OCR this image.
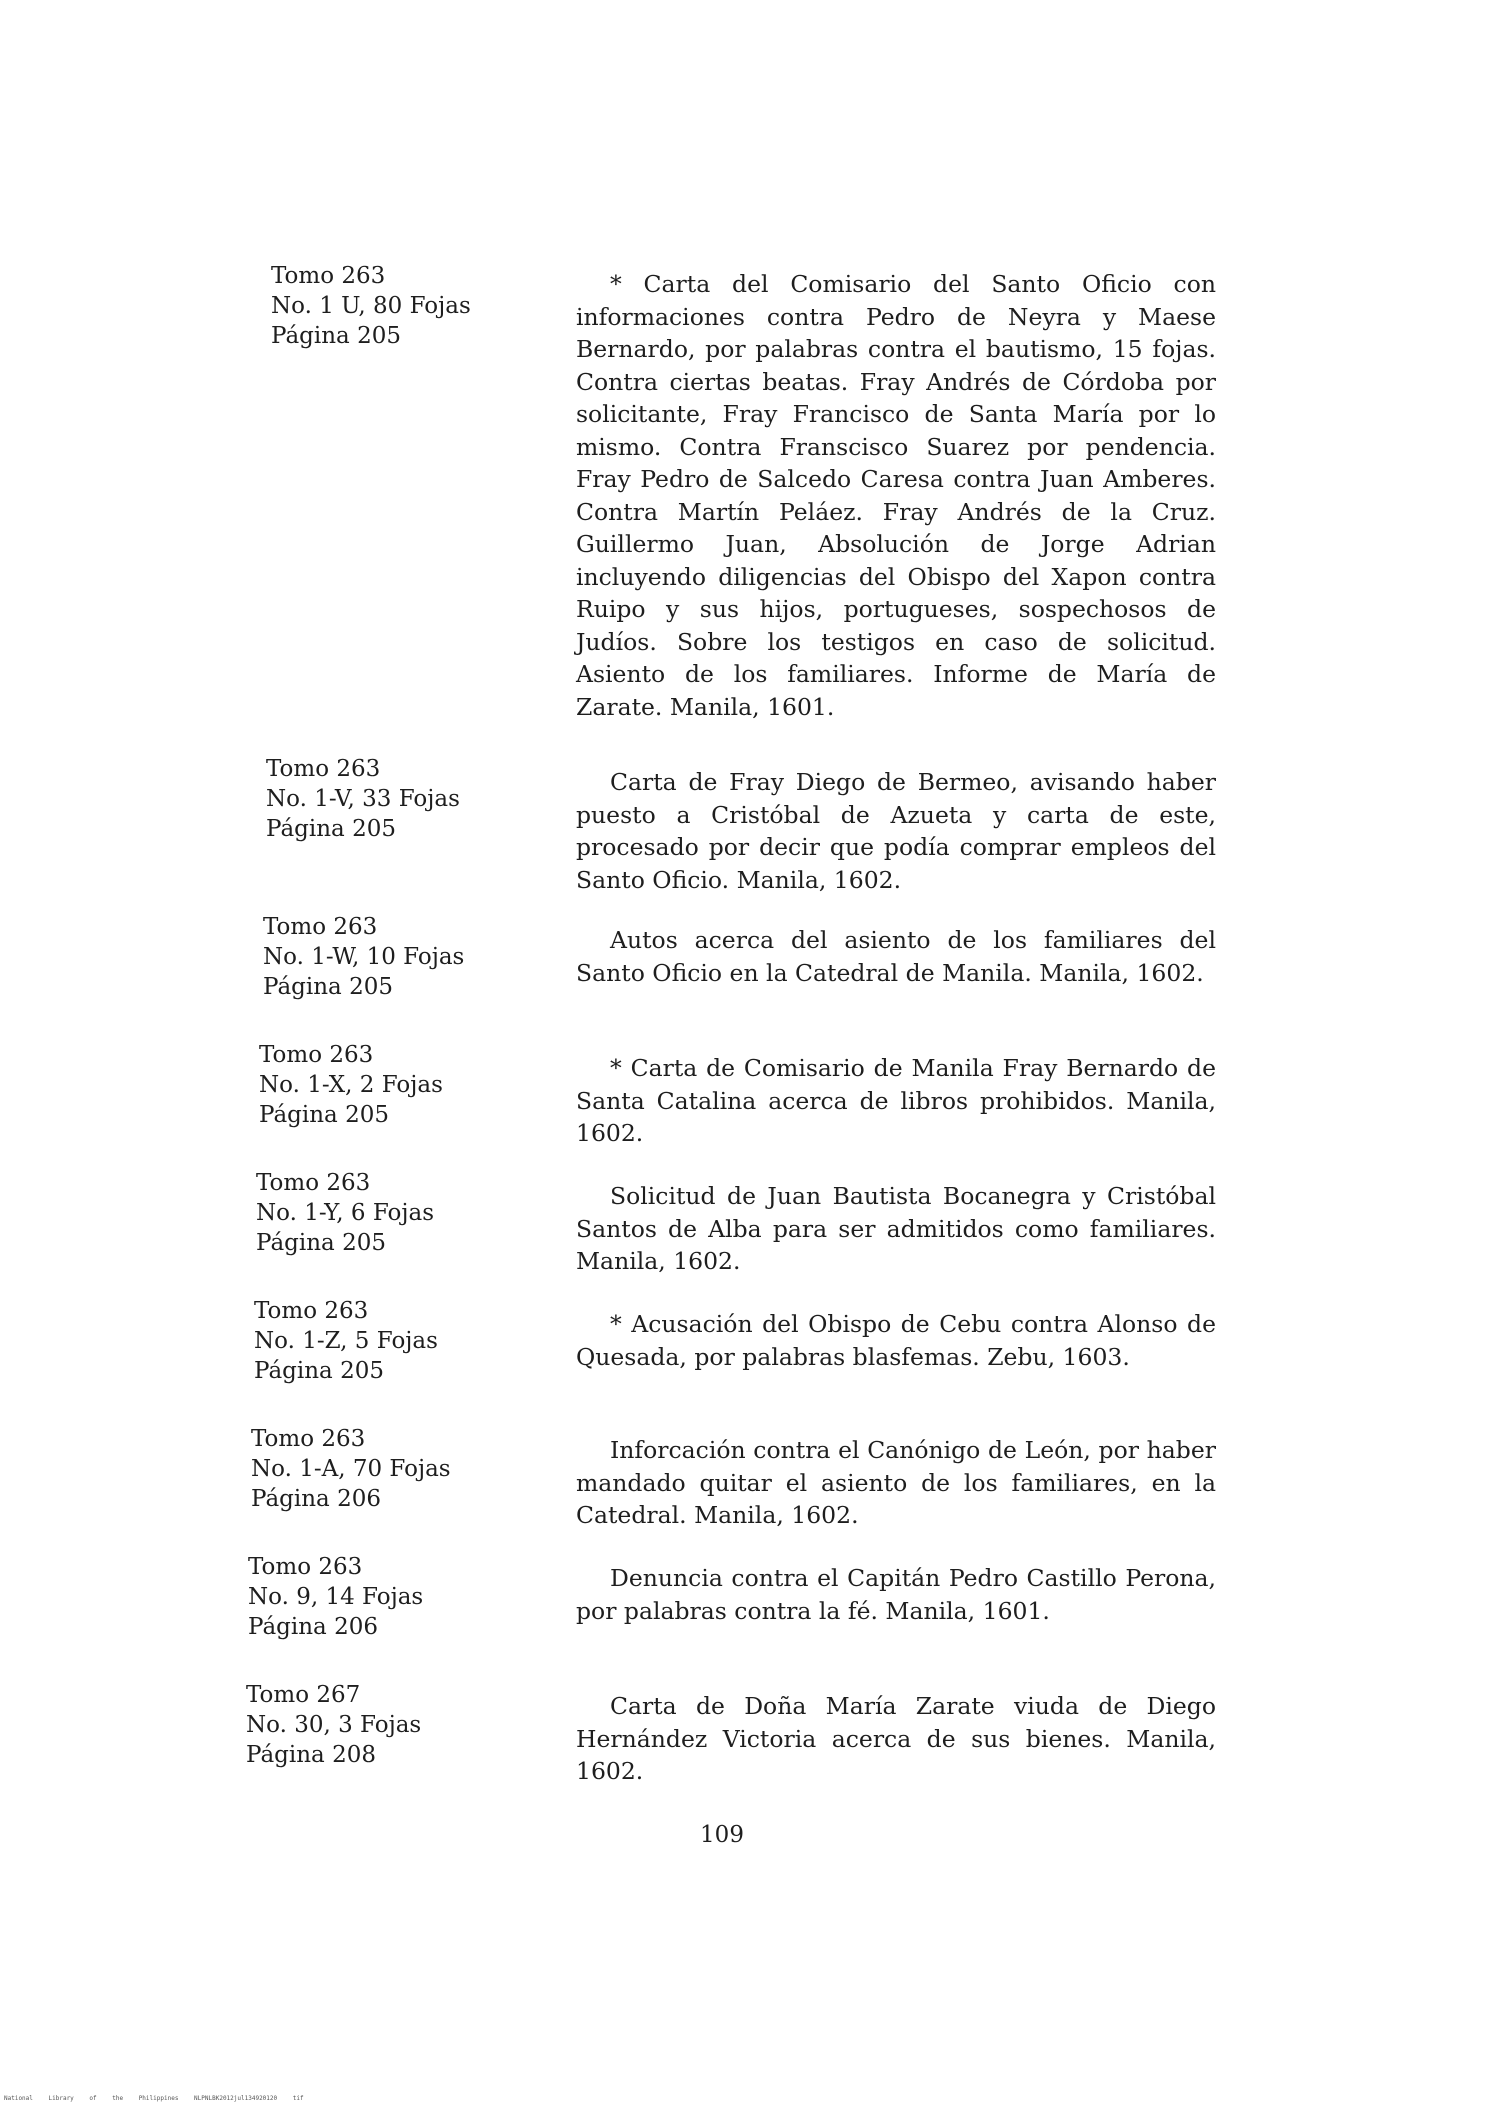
Tomo 263
No. 1 U, 80 Fojas
Página 205
* Carta del Comisario del Santo Oficio con informaciones contra Pedro de Neyra y Maese Bernardo, por palabras contra el bautismo, 15 fojas. Contra ciertas beatas. Fray Andrés de Córdoba por solicitante, Fray Francisco de Santa María por lo mismo. Contra Franscisco Suarez por pendencia. Fray Pedro de Salcedo Caresa contra Juan Amberes. Contra Martín Peláez. Fray Andrés de la Cruz. Guillermo Juan, Absolución de Jorge Adrian incluyendo diligencias del Obispo del Xapon contra Ruipo y sus hijos, portugueses, sospechosos de Judíos. Sobre los testigos en caso de solicitud. Asiento de los familiares. Informe de María de Zarate. Manila, 1601.
Tomo 263
No. 1-V, 33 Fojas
Página 205
Carta de Fray Diego de Bermeo, avisando haber puesto a Cristóbal de Azueta y carta de este, procesado por decir que podía comprar empleos del Santo Oficio. Manila, 1602.
Tomo 263
No. 1-W, 10 Fojas
Página 205
Autos acerca del asiento de los familiares del Santo Oficio en la Catedral de Manila. Manila, 1602.
Tomo 263
No. 1-X, 2 Fojas
Página 205
* Carta de Comisario de Manila Fray Bernardo de Santa Catalina acerca de libros prohibidos. Manila, 1602.
Tomo 263
No. 1-Y, 6 Fojas
Página 205
Solicitud de Juan Bautista Bocanegra y Cristóbal Santos de Alba para ser admitidos como familiares. Manila, 1602.
Tomo 263
No. 1-Z, 5 Fojas
Página 205
* Acusación del Obispo de Cebu contra Alonso de Quesada, por palabras blasfemas. Zebu, 1603.
Tomo 263
No. 1-A, 70 Fojas
Página 206
Inforcación contra el Canónigo de León, por haber mandado quitar el asiento de los familiares, en la Catedral. Manila, 1602.
Tomo 263
No. 9, 14 Fojas
Página 206
Denuncia contra el Capitán Pedro Castillo Perona, por palabras contra la fé. Manila, 1601.
Tomo 267
No. 30, 3 Fojas
Página 208
Carta de Doña María Zarate viuda de Diego Hernández Victoria acerca de sus bienes. Manila, 1602.
109
National Library of the Philippines NLPNLBK2012jul134920120 tif
